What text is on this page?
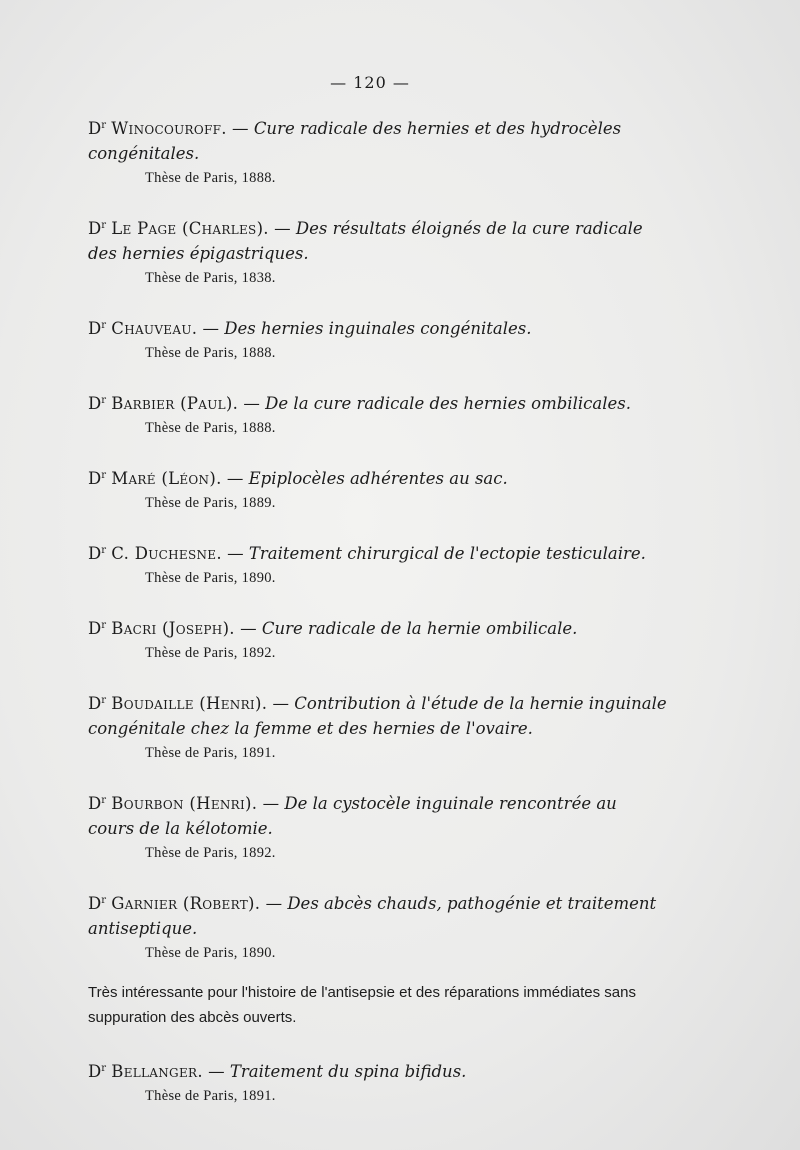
— 120 —
$D^r$ Winocouroff. — Cure radicale des hernies et des hydrocèles congénitales.
Thèse de Paris, 1888.
$D^r$ Le Page (Charles). — Des résultats éloignés de la cure radicale des hernies épigastriques.
Thèse de Paris, 1838.
$D^r$ Chauveau. — Des hernies inguinales congénitales.
Thèse de Paris, 1888.
$D^r$ Barbier (Paul). — De la cure radicale des hernies ombilicales.
Thèse de Paris, 1888.
$D^r$ Maré (Léon). — Epiplocèles adhérentes au sac.
Thèse de Paris, 1889.
$D^r$ C. Duchesne. — Traitement chirurgical de l'ectopie testiculaire.
Thèse de Paris, 1890.
$D^r$ Bacri (Joseph). — Cure radicale de la hernie ombilicale.
Thèse de Paris, 1892.
$D^r$ Boudaille (Henri). — Contribution à l'étude de la hernie inguinale congénitale chez la femme et des hernies de l'ovaire.
Thèse de Paris, 1891.
$D^r$ Bourbon (Henri). — De la cystocèle inguinale rencontrée au cours de la kélotomie.
Thèse de Paris, 1892.
$D^r$ Garnier (Robert). — Des abcès chauds, pathogénie et traitement antiseptique.
Thèse de Paris, 1890.
Très intéressante pour l'histoire de l'antisepsie et des réparations immédiates sans suppuration des abcès ouverts.
$D^r$ Bellanger. — Traitement du spina bifidus.
Thèse de Paris, 1891.
